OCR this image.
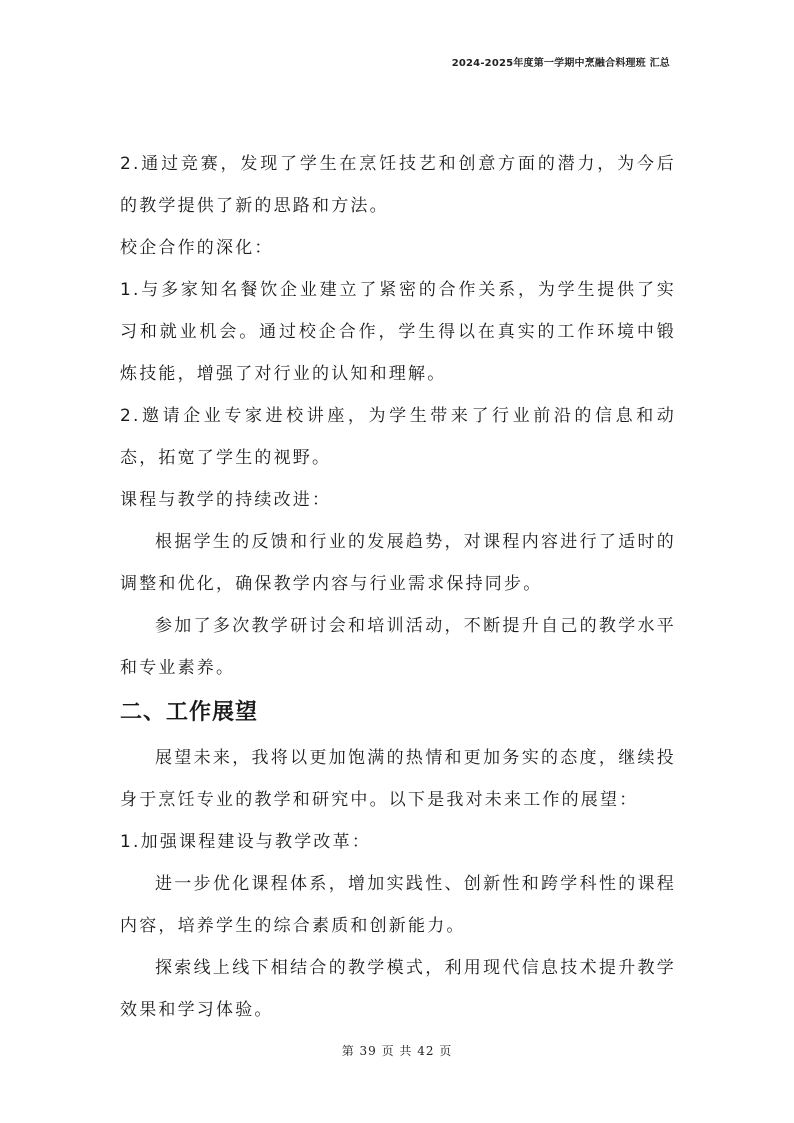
2024-2025年度第一学期中烹融合料理班 汇总

2.通过竞赛，发现了学生在烹饪技艺和创意方面的潜力，为今后的教学提供了新的思路和方法。

校企合作的深化：

1.与多家知名餐饮企业建立了紧密的合作关系，为学生提供了实习和就业机会。通过校企合作，学生得以在真实的工作环境中锻炼技能，增强了对行业的认知和理解。

2.邀请企业专家进校讲座，为学生带来了行业前沿的信息和动态，拓宽了学生的视野。

课程与教学的持续改进：

根据学生的反馈和行业的发展趋势，对课程内容进行了适时的调整和优化，确保教学内容与行业需求保持同步。

参加了多次教学研讨会和培训活动，不断提升自己的教学水平和专业素养。

二、工作展望

展望未来，我将以更加饱满的热情和更加务实的态度，继续投身于烹饪专业的教学和研究中。以下是我对未来工作的展望：

1.加强课程建设与教学改革：

进一步优化课程体系，增加实践性、创新性和跨学科性的课程内容，培养学生的综合素质和创新能力。

探索线上线下相结合的教学模式，利用现代信息技术提升教学效果和学习体验。

第 39 页 共 42 页
